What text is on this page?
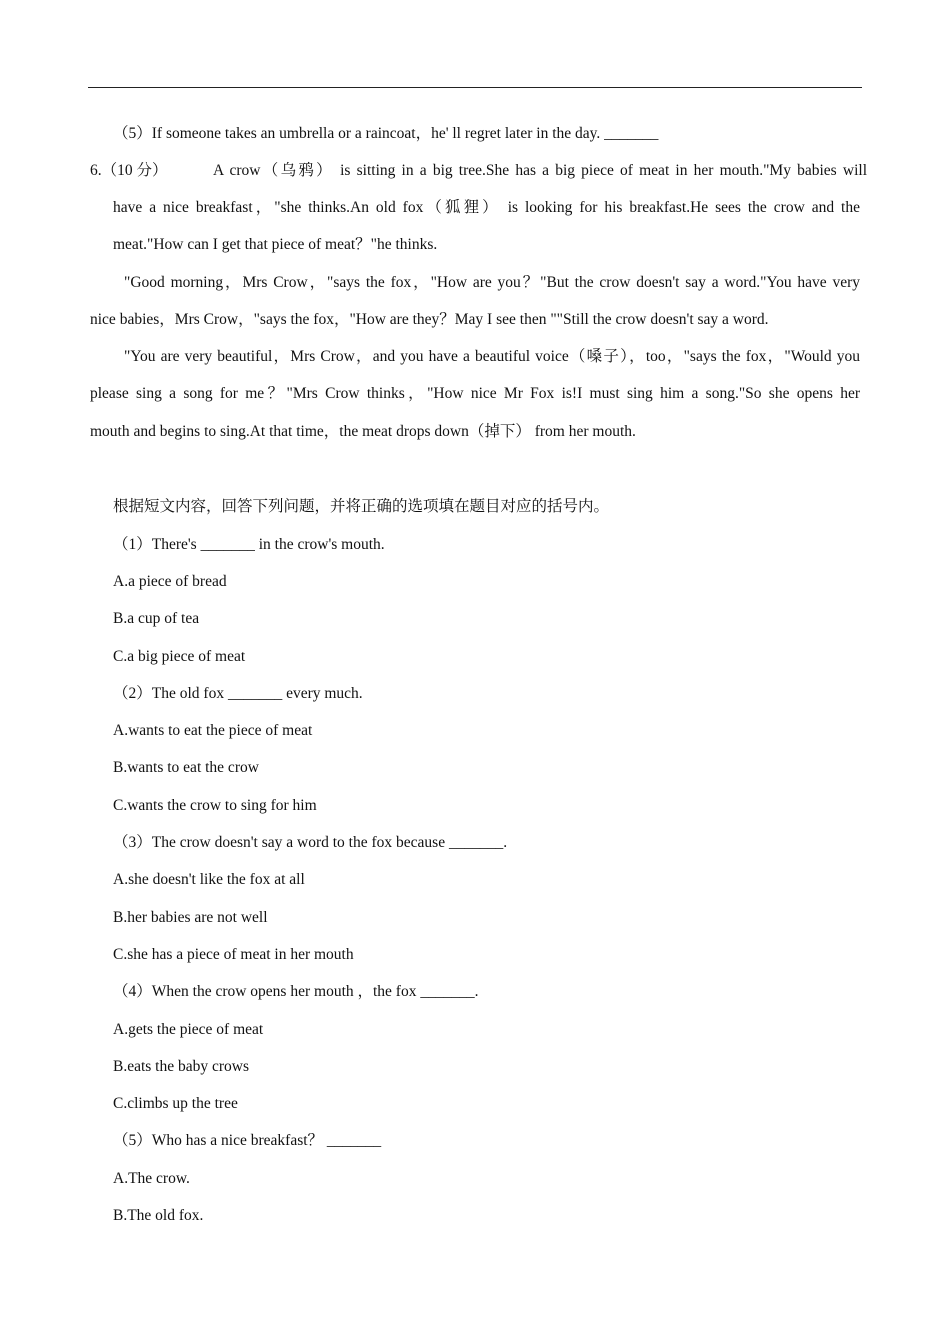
（5）If someone takes an umbrella or a raincoat，he' ll regret later in the day. _______
6.（10 分）	A crow（乌鸦） is sitting in a big tree.She has a big piece of meat in her mouth."My babies will
have a nice breakfast，"she thinks.An old fox（狐狸） is looking for his breakfast.He sees the crow and the
meat."How can I get that piece of meat？"he thinks.
"Good morning，Mrs Crow，"says the fox，"How are you？"But the crow doesn't say a word."You have very
nice babies，Mrs Crow，"says the fox，"How are they？May I see then ""Still the crow doesn't say a word.
"You are very beautiful，Mrs Crow，and you have a beautiful voice（嗓子），too，"says the fox，"Would you
please sing a song for me？"Mrs Crow thinks，"How nice Mr Fox is!I must sing him a song."So she opens her
mouth and begins to sing.At that time，the meat drops down（掉下） from her mouth.
根据短文内容，回答下列问题，并将正确的选项填在题目对应的括号内。
（1）There's _______ in the crow's mouth.
A.a piece of bread
B.a cup of tea
C.a big piece of meat
（2）The old fox _______ every much.
A.wants to eat the piece of meat
B.wants to eat the crow
C.wants the crow to sing for him
（3）The crow doesn't say a word to the fox because _______.
A.she doesn't like the fox at all
B.her babies are not well
C.she has a piece of meat in her mouth
（4）When the crow opens her mouth ，the fox _______.
A.gets the piece of meat
B.eats the baby crows
C.climbs up the tree
（5）Who has a nice breakfast？ _______
A.The crow.
B.The old fox.
